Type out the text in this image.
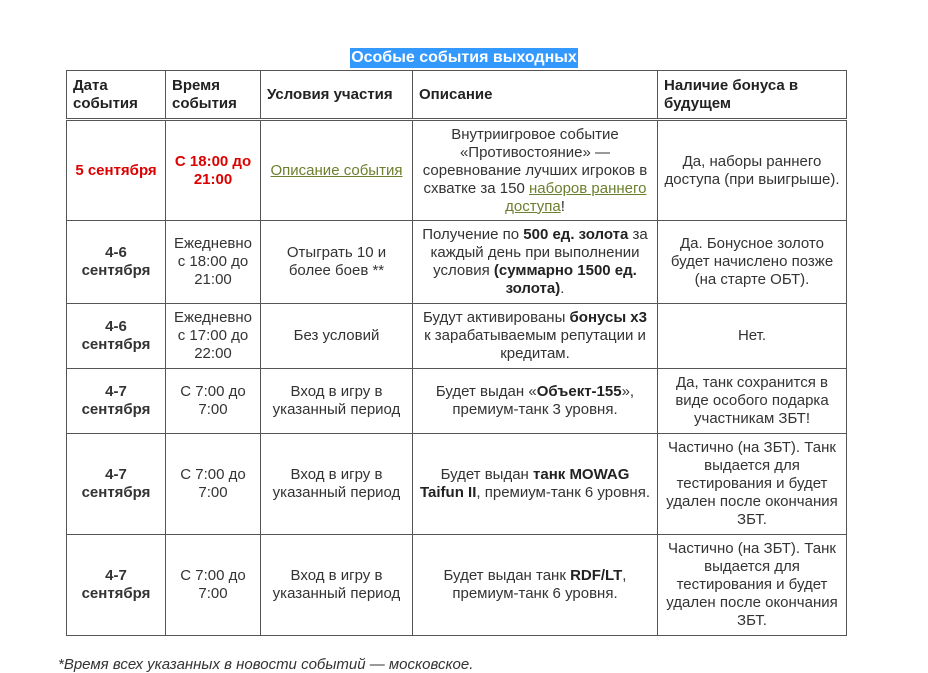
Особые события выходных
Дата события	Время события	Условия участия	Описание	Наличие бонуса в будущем
5 сентября	С 18:00 до 21:00	Описание события	Внутриигровое событие «Противостояние» — соревнование лучших игроков в схватке за 150 наборов раннего доступа!	Да, наборы раннего доступа (при выигрыше).
4-6 сентября	Ежедневно с 18:00 до 21:00	Отыграть 10 и более боев **	Получение по 500 ед. золота за каждый день при выполнении условия (суммарно 1500 ед. золота).	Да. Бонусное золото будет начислено позже (на старте ОБТ).
4-6 сентября	Ежедневно с 17:00 до 22:00	Без условий	Будут активированы бонусы x3 к зарабатываемым репутации и кредитам.	Нет.
4-7 сентября	С 7:00 до 7:00	Вход в игру в указанный период	Будет выдан «Объект-155», премиум-танк 3 уровня.	Да, танк сохранится в виде особого подарка участникам ЗБТ!
4-7 сентября	С 7:00 до 7:00	Вход в игру в указанный период	Будет выдан танк MOWAG Taifun II, премиум-танк 6 уровня.	Частично (на ЗБТ). Танк выдается для тестирования и будет удален после окончания ЗБТ.
4-7 сентября	С 7:00 до 7:00	Вход в игру в указанный период	Будет выдан танк RDF/LT, премиум-танк 6 уровня.	Частично (на ЗБТ). Танк выдается для тестирования и будет удален после окончания ЗБТ.
*Время всех указанных в новости событий — московское.
